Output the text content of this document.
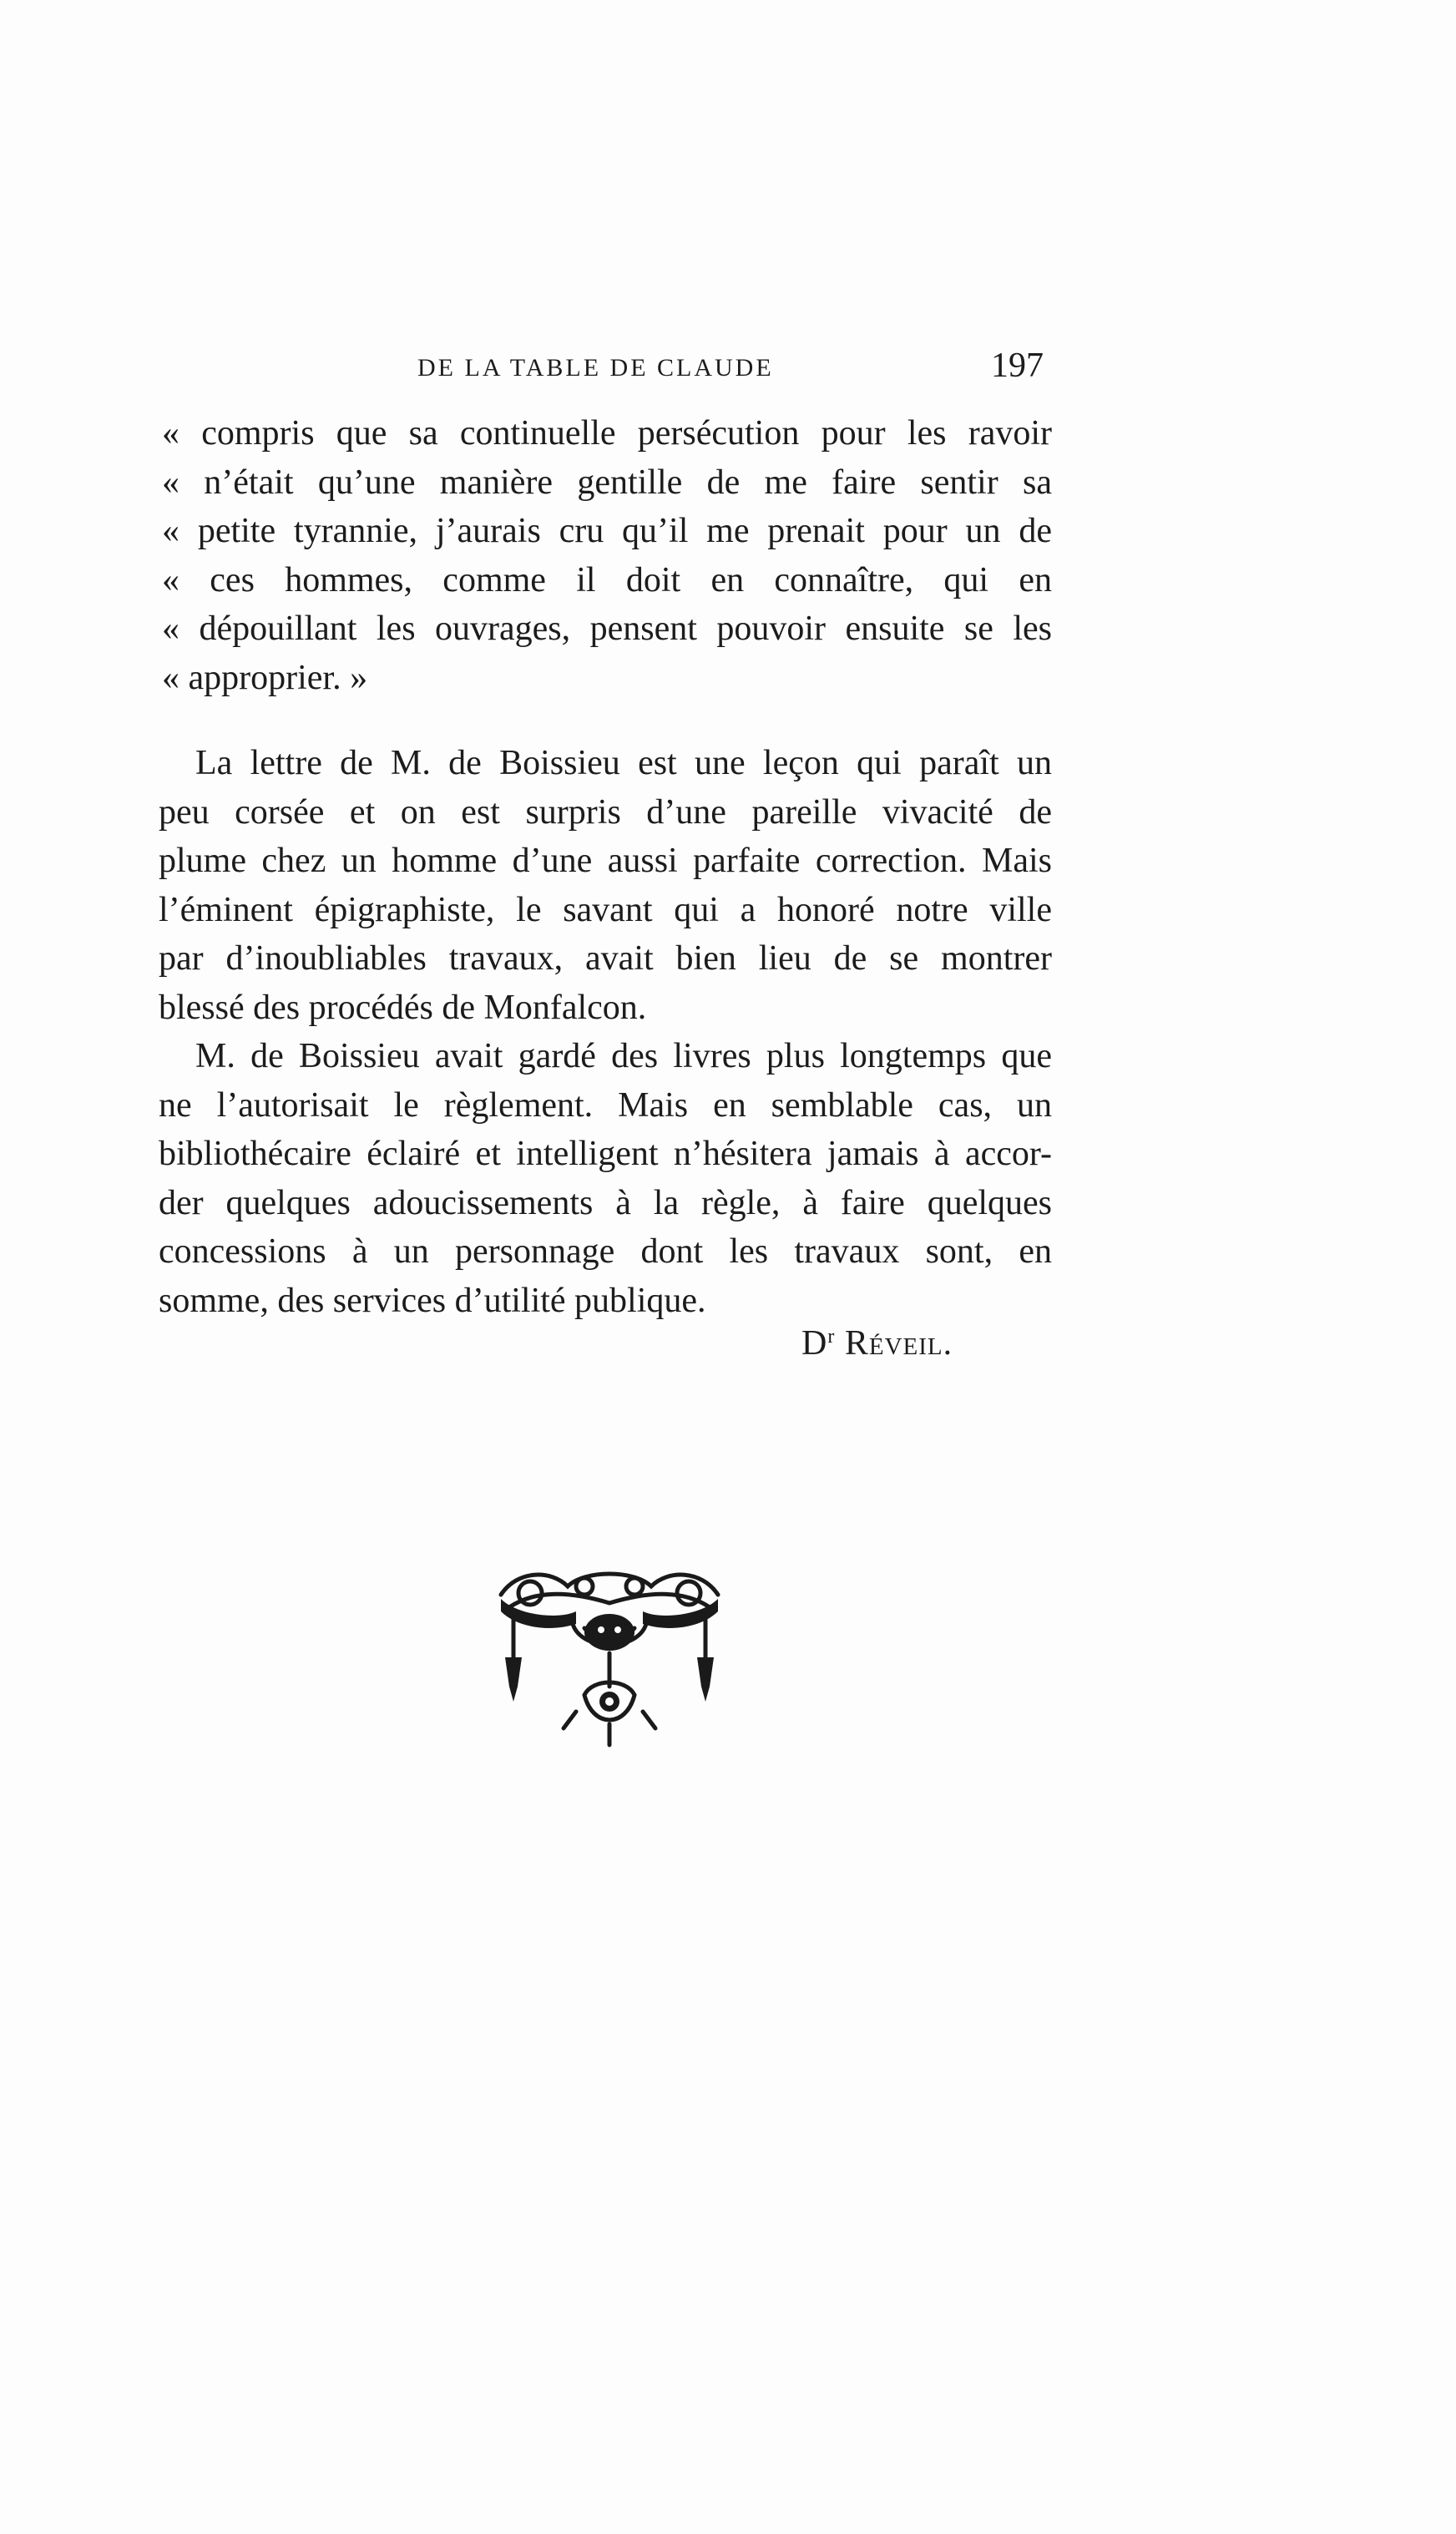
DE LA TABLE DE CLAUDE	197
« compris que sa continuelle persécution pour les ravoir
« n’était qu’une manière gentille de me faire sentir sa
« petite tyrannie, j’aurais cru qu’il me prenait pour un de
« ces hommes, comme il doit en connaître, qui en
« dépouillant les ouvrages, pensent pouvoir ensuite se les
« approprier. »
La lettre de M. de Boissieu est une leçon qui paraît un
peu corsée et on est surpris d’une pareille vivacité de
plume chez un homme d’une aussi parfaite correction. Mais
l’éminent épigraphiste, le savant qui a honoré notre ville
par d’inoubliables travaux, avait bien lieu de se montrer
blessé des procédés de Monfalcon.
M. de Boissieu avait gardé des livres plus longtemps que
ne l’autorisait le règlement. Mais en semblable cas, un
bibliothécaire éclairé et intelligent n’hésitera jamais à accor-
der quelques adoucissements à la règle, à faire quelques
concessions à un personnage dont les travaux sont, en
somme, des services d’utilité publique.
$D^r$ Réveil.
